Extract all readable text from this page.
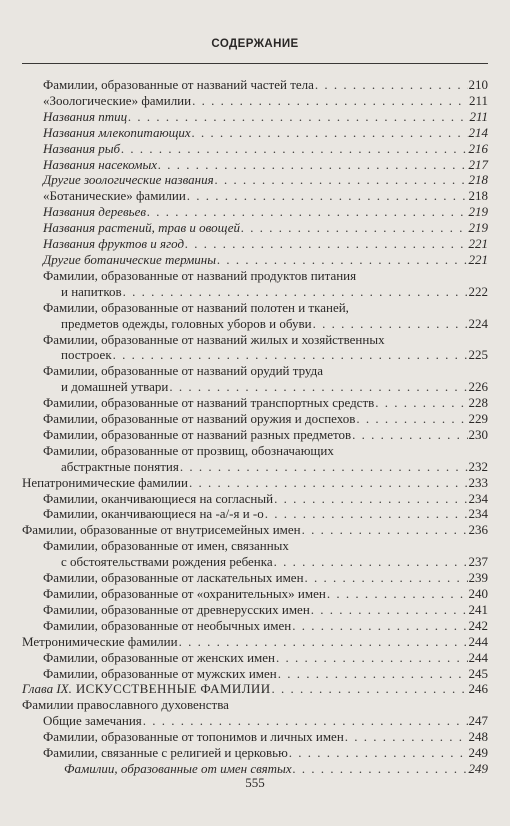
СОДЕРЖАНИЕ
Фамилии, образованные от названий частей тела . . .	210
«Зоологические» фамилии . . .	211
Названия птиц . . .	211
Названия млекопитающих . . .	214
Названия рыб . . .	216
Названия насекомых . . .	217
Другие зоологические названия . . .	218
«Ботанические» фамилии . . .	218
Названия деревьев . . .	219
Названия растений, трав и овощей . . .	219
Названия фруктов и ягод . . .	221
Другие ботанические термины . . .	221
Фамилии, образованные от названий продуктов питания
и напитков . . .	222
Фамилии, образованные от названий полотен и тканей,
предметов одежды, головных уборов и обуви . . .	224
Фамилии, образованные от названий жилых и хозяйственных
построек . . .	225
Фамилии, образованные от названий орудий труда
и домашней утвари . . .	226
Фамилии, образованные от названий транспортных средств . . .	228
Фамилии, образованные от названий оружия и доспехов . . .	229
Фамилии, образованные от названий разных предметов . . .	230
Фамилии, образованные от прозвищ, обозначающих
абстрактные понятия . . .	232
Непатронимические фамилии . . .	233
Фамилии, оканчивающиеся на согласный . . .	234
Фамилии, оканчивающиеся на -а/-я и -о . . .	234
Фамилии, образованные от внутрисемейных имен . . .	236
Фамилии, образованные от имен, связанных
с обстоятельствами рождения ребенка . . .	237
Фамилии, образованные от ласкательных имен . . .	239
Фамилии, образованные от «охранительных» имен . . .	240
Фамилии, образованные от древнерусских имен . . .	241
Фамилии, образованные от необычных имен . . .	242
Метронимические фамилии . . .	244
Фамилии, образованные от женских имен . . .	244
Фамилии, образованные от мужских имен . . .	245
Глава IX. ИСКУССТВЕННЫЕ ФАМИЛИИ . . .	246
Фамилии православного духовенства
Общие замечания . . .	247
Фамилии, образованные от топонимов и личных имен . . .	248
Фамилии, связанные с религией и церковью . . .	249
Фамилии, образованные от имен святых . . .	249
555
